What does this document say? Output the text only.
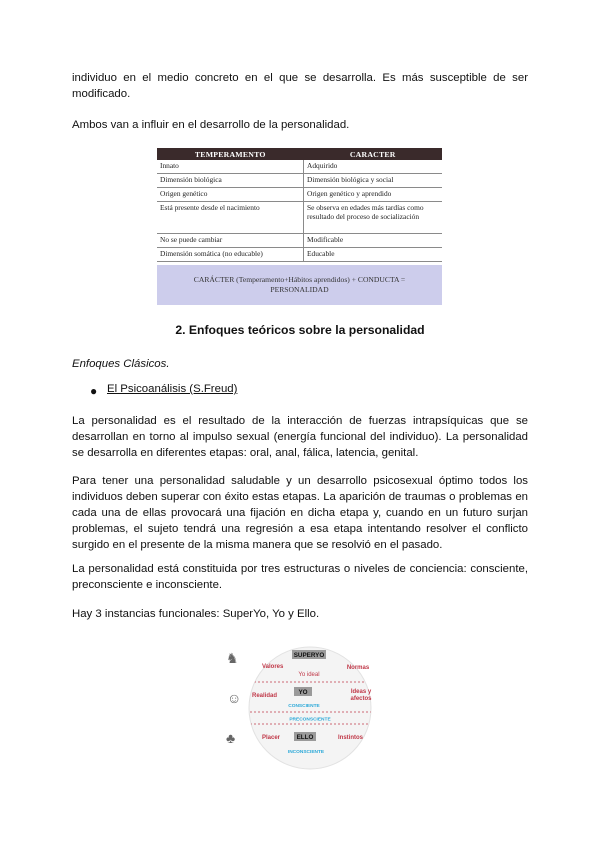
individuo en el medio concreto en el que se desarrolla. Es más susceptible de ser

modificado.

Ambos van a influir en el desarrollo de la personalidad.

TEMPERAMENTO	CARACTER
Innato	Adquirido
Dimensión biológica	Dimensión biológica y social
Origen genético	Origen genético y aprendido
Está presente desde el nacimiento	Se observa en edades más tardías como resultado del proceso de socialización
No se puede cambiar	Modificable
Dimensión somática (no educable)	Educable
CARÁCTER (Temperamento+Hábitos aprendidos) + CONDUCTA = PERSONALIDAD
2. Enfoques teóricos sobre la personalidad

Enfoques Clásicos.

● El Psicoanálisis (S.Freud)

La personalidad es el resultado de la interacción de fuerzas intrapsíquicas que se desarrollan en torno al impulso sexual (energía funcional del individuo). La personalidad se desarrolla en diferentes etapas: oral, anal, fálica, latencia, genital.

Para tener una personalidad saludable y un desarrollo psicosexual óptimo todos los individuos deben superar con éxito estas etapas. La aparición de traumas o problemas en cada una de ellas provocará una fijación en dicha etapa y, cuando en un futuro surjan problemas, el sujeto tendrá una regresión a esa etapa intentando resolver el conflicto surgido en el presente de la misma manera que se resolvió en el pasado.

La personalidad está constituida por tres estructuras o niveles de conciencia: consciente, preconsciente e inconsciente.

Hay 3 instancias funcionales: SuperYo, Yo y Ello.

♞
☺
♣
SUPERYO
Valores	Normas
Yo ideal
YO
Realidad
Ideas y
afectos
CONSCIENTE
PRECONSCIENTE
ELLO
Placer	Instintos
INCONSCIENTE
